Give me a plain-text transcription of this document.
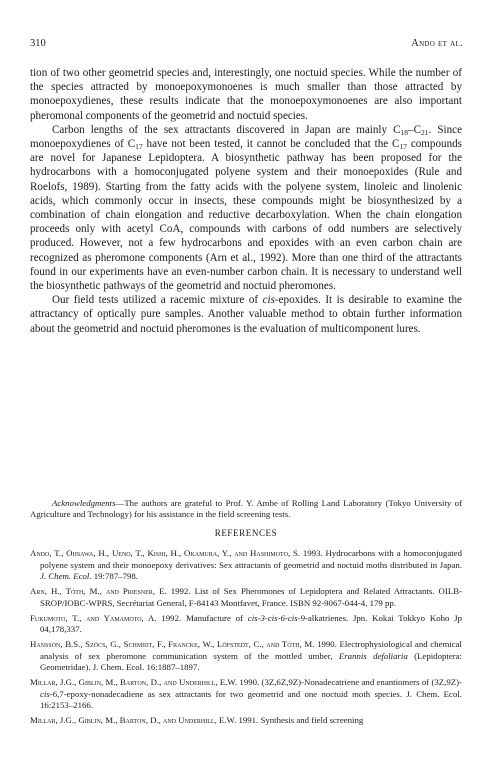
310	Ando et al.

tion of two other geometrid species and, interestingly, one noctuid species. While the number of the species attracted by monoepoxymonoenes is much smaller than those attracted by monoepoxydienes, these results indicate that the monoepoxymonoenes are also important pheromonal components of the geometrid and noctuid species.

Carbon lengths of the sex attractants discovered in Japan are mainly $C_{18}-C_{21}$. Since monoepoxydienes of $C_{17}$ have not been tested, it cannot be concluded that the $C_{17}$ compounds are novel for Japanese Lepidoptera. A biosynthetic pathway has been proposed for the hydrocarbons with a homoconjugated polyene system and their monoepoxides (Rule and Roelofs, 1989). Starting from the fatty acids with the polyene system, linoleic and linolenic acids, which commonly occur in insects, these compounds might be biosynthesized by a combination of chain elongation and reductive decarboxylation. When the chain elongation proceeds only with acetyl CoA, compounds with carbons of odd numbers are selectively produced. However, not a few hydrocarbons and epoxides with an even carbon chain are recognized as pheromone components (Arn et al., 1992). More than one third of the attractants found in our experiments have an even-number carbon chain. It is necessary to understand well the biosynthetic pathways of the geometrid and noctuid pheromones.

Our field tests utilized a racemic mixture of cis-epoxides. It is desirable to examine the attractancy of optically pure samples. Another valuable method to obtain further information about the geometrid and noctuid pheromones is the evaluation of multicomponent lures.

Acknowledgments—The authors are grateful to Prof. Y. Ambe of Rolling Land Laboratory (Tokyo University of Agriculture and Technology) for his assistance in the field screening tests.

REFERENCES
Ando, T., Ohsawa, H., Ueno, T., Kishi, H., Okamura, Y., and Hashimoto, S. 1993. Hydrocarbons with a homoconjugated polyene system and their monoepoxy derivatives: Sex attractants of geometrid and noctuid moths distributed in Japan. J. Chem. Ecol. 19:787–798.
Arn, H., Tóth, M., and Priesner, E. 1992. List of Sex Pheromones of Lepidoptera and Related Attractants. OILB-SROP/IOBC-WPRS, Secrétariat General, F-84143 Montfavet, France. ISBN 92-9067-044-4, 179 pp.
Fukumoto, T., and Yamamoto, A. 1992. Manufacture of cis-3-cis-6-cis-9-alkatrienes. Jpn. Kokai Tokkyo Koho Jp 04,178,337.
Hansson, B.S., Szöcs, G., Schmidt, F., Francke, W., Löfstedt, C., and Tóth, M. 1990. Electrophysiological and chemical analysis of sex pheromone communication system of the mottled umber, Erannis defoliaria (Lepidoptera: Geometridae). J. Chem. Ecol. 16:1887–1897.
Millar, J.G., Giblin, M., Barton, D., and Underhill, E.W. 1990. (3Z,6Z,9Z)-Nonadecatriene and enantiomers of (3Z,9Z)-cis-6,7-epoxy-nonadecadiene as sex attractants for two geometrid and one noctuid moth species. J. Chem. Ecol. 16:2153–2166.
Millar, J.G., Giblin, M., Barton, D., and Underhill, E.W. 1991. Synthesis and field screening
